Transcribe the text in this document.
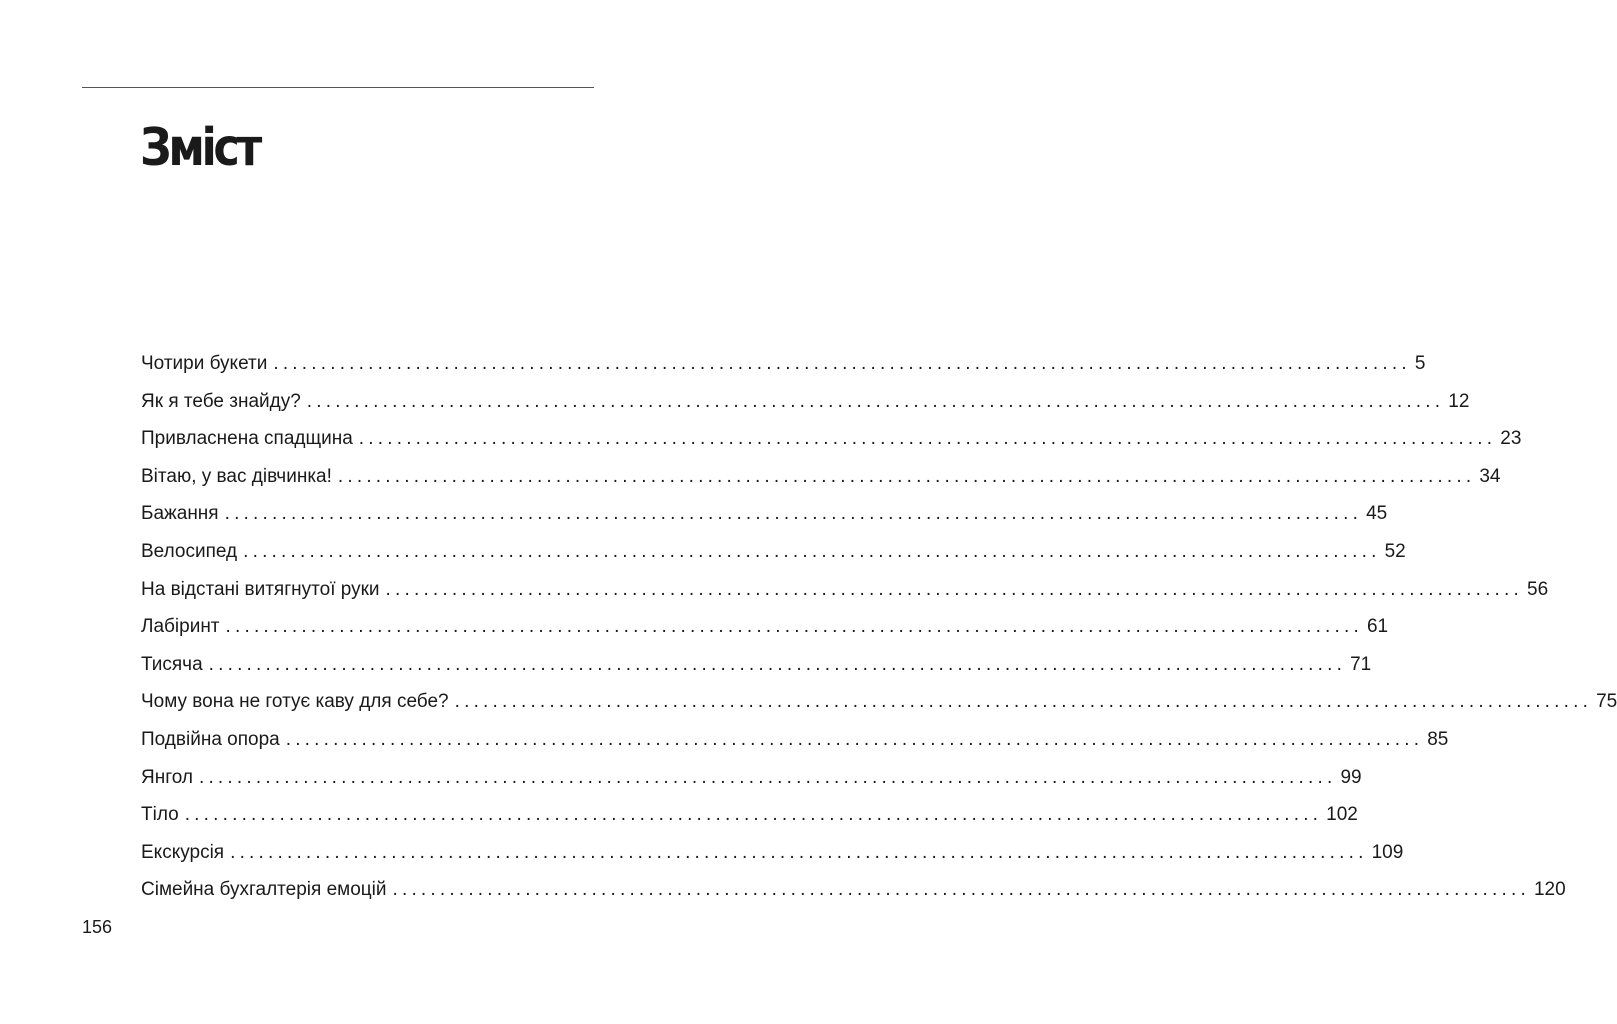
Зміст
Чотири букети ........................................................................................................................ 5
Як я тебе знайду? ........................................................................................................................ 12
Привласнена спадщина ........................................................................................................................ 23
Вітаю, у вас дівчинка! ........................................................................................................................ 34
Бажання ........................................................................................................................ 45
Велосипед ........................................................................................................................ 52
На відстані витягнутої руки ........................................................................................................................ 56
Лабіринт ........................................................................................................................ 61
Тисяча ........................................................................................................................ 71
Чому вона не готує каву для себе? ........................................................................................................................ 75
Подвійна опора ........................................................................................................................ 85
Янгол ........................................................................................................................ 99
Тіло ........................................................................................................................ 102
Екскурсія ........................................................................................................................ 109
Сімейна бухгалтерія емоцій ........................................................................................................................ 120
156
